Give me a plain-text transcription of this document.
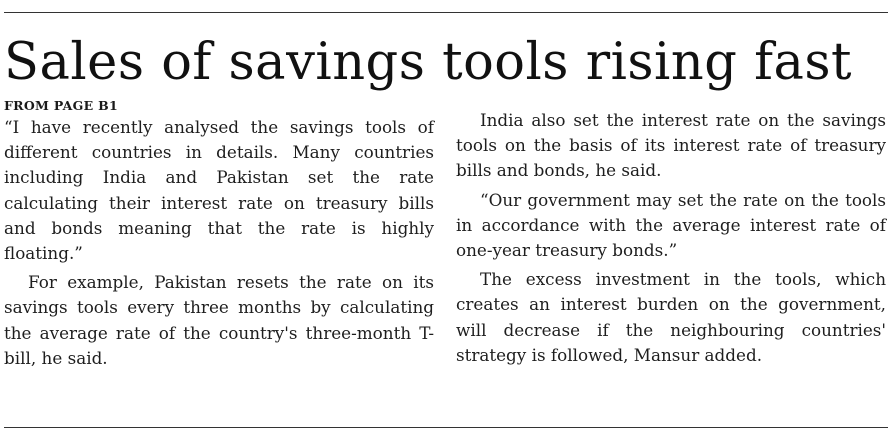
Sales of savings tools rising fast
FROM PAGE B1

“I have recently analysed the savings tools of different countries in details. Many countries including India and Pakistan set the rate calculating their interest rate on treasury bills and bonds meaning that the rate is highly floating.”

For example, Pakistan resets the rate on its savings tools every three months by calculating the average rate of the country's three-month T-bill, he said.

India also set the interest rate on the savings tools on the basis of its interest rate of treasury bills and bonds, he said.

“Our government may set the rate on the tools in accordance with the average interest rate of one-year treasury bonds.”

The excess investment in the tools, which creates an interest burden on the government, will decrease if the neighbouring countries' strategy is followed, Mansur added.
